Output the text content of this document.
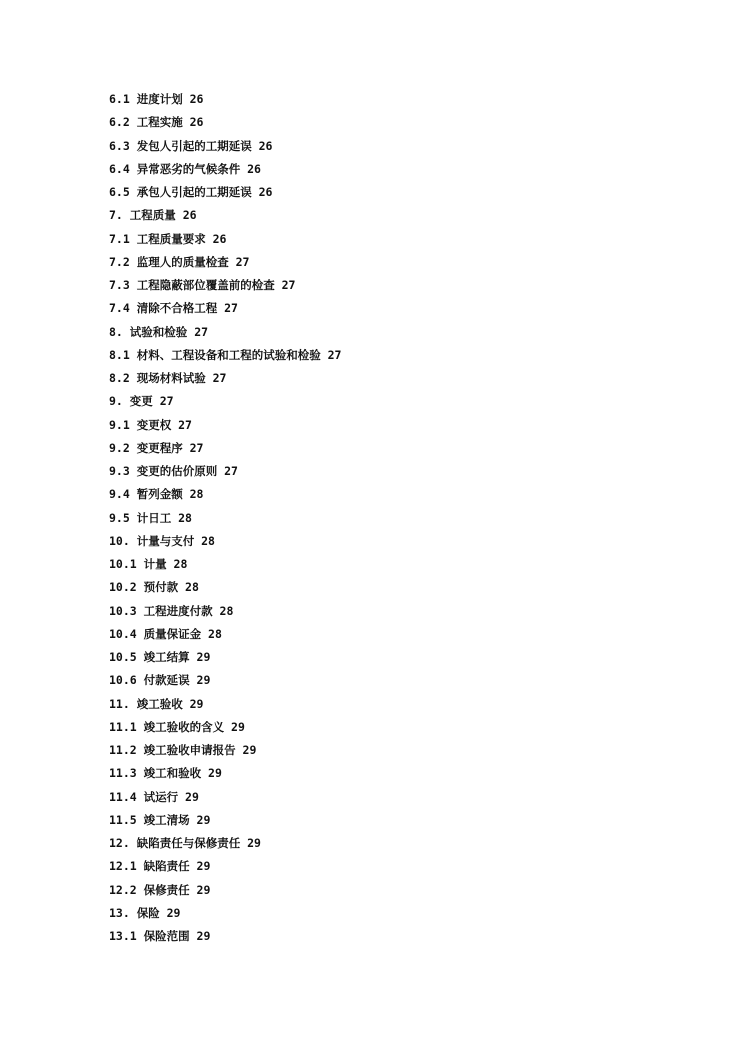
6.1 进度计划 26
6.2 工程实施 26
6.3 发包人引起的工期延误 26
6.4 异常恶劣的气候条件 26
6.5 承包人引起的工期延误 26
7. 工程质量 26
7.1 工程质量要求 26
7.2 监理人的质量检查 27
7.3 工程隐蔽部位覆盖前的检查 27
7.4 清除不合格工程 27
8. 试验和检验 27
8.1 材料、工程设备和工程的试验和检验 27
8.2 现场材料试验 27
9. 变更 27
9.1 变更权 27
9.2 变更程序 27
9.3 变更的估价原则 27
9.4 暂列金额 28
9.5 计日工 28
10. 计量与支付 28
10.1 计量 28
10.2 预付款 28
10.3 工程进度付款 28
10.4 质量保证金 28
10.5 竣工结算 29
10.6 付款延误 29
11. 竣工验收 29
11.1 竣工验收的含义 29
11.2 竣工验收申请报告 29
11.3 竣工和验收 29
11.4 试运行 29
11.5 竣工清场 29
12. 缺陷责任与保修责任 29
12.1 缺陷责任 29
12.2 保修责任 29
13. 保险 29
13.1 保险范围 29
